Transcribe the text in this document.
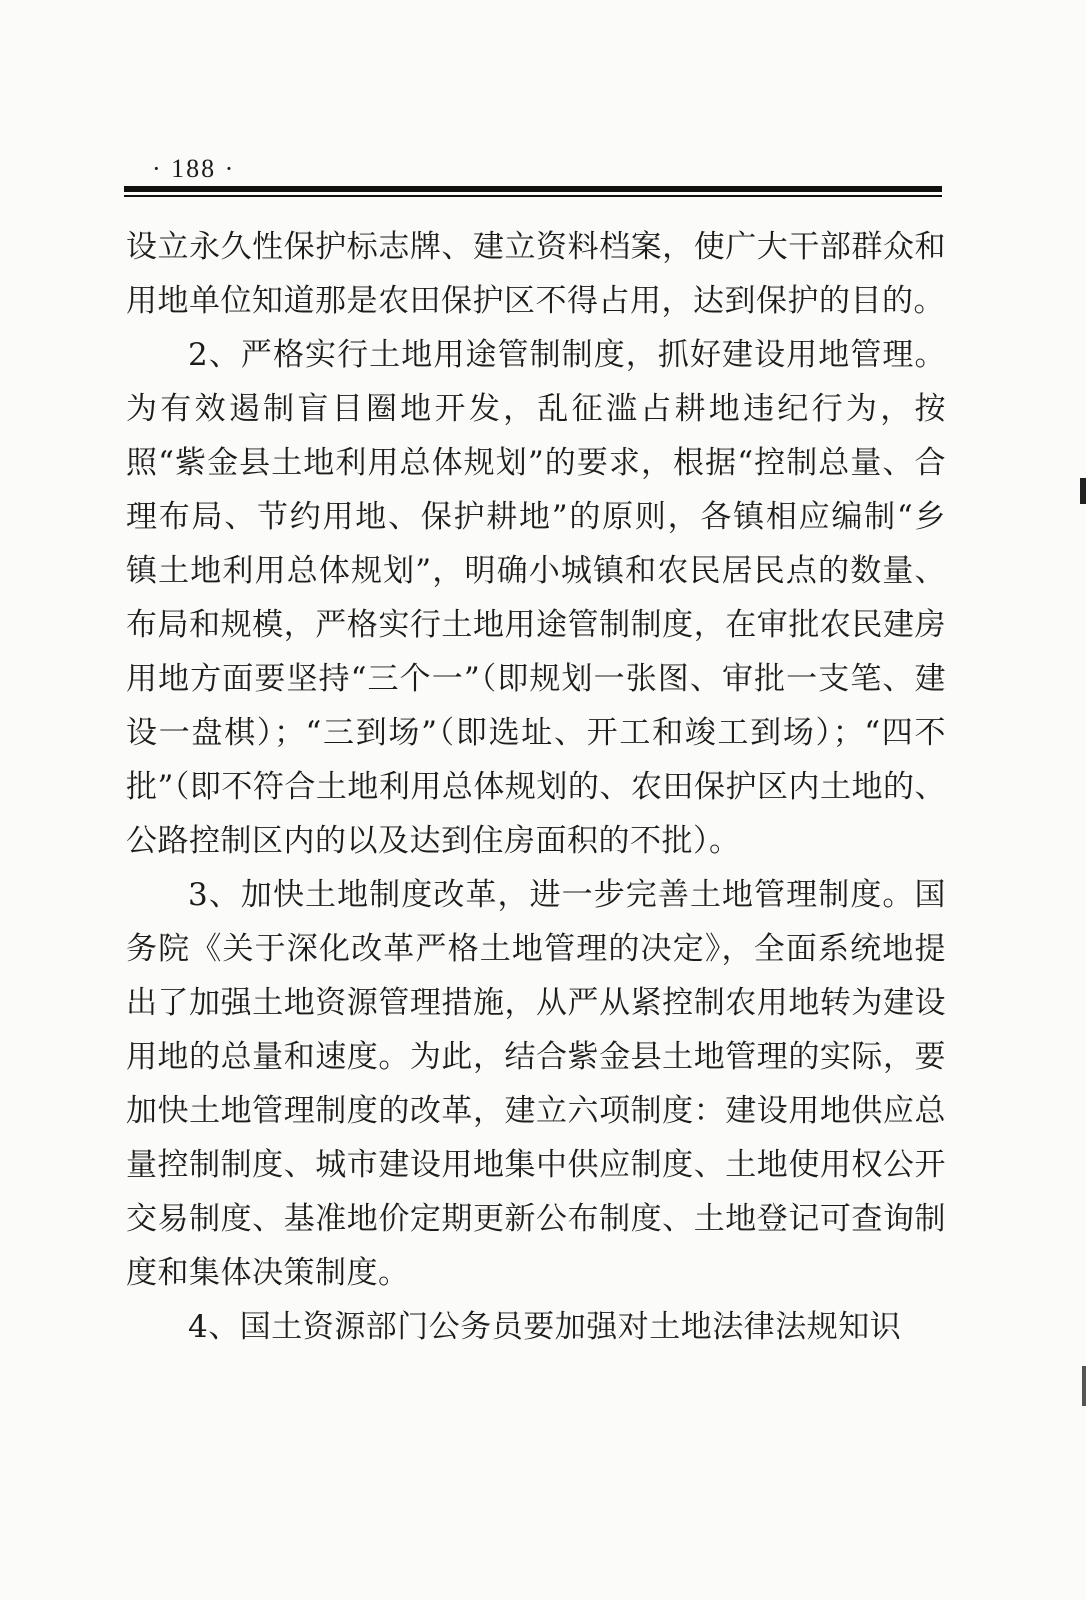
· 188 ·

设立永久性保护标志牌、建立资料档案，使广大干部群众和用地单位知道那是农田保护区不得占用，达到保护的目的。

2、严格实行土地用途管制制度，抓好建设用地管理。为有效遏制盲目圈地开发，乱征滥占耕地违纪行为，按照“紫金县土地利用总体规划”的要求，根据“控制总量、合理布局、节约用地、保护耕地”的原则，各镇相应编制“乡镇土地利用总体规划”，明确小城镇和农民居民点的数量、布局和规模，严格实行土地用途管制制度，在审批农民建房用地方面要坚持“三个一”（即规划一张图、审批一支笔、建设一盘棋）；“三到场”（即选址、开工和竣工到场）；“四不批”（即不符合土地利用总体规划的、农田保护区内土地的、公路控制区内的以及达到住房面积的不批）。

3、加快土地制度改革，进一步完善土地管理制度。国务院《关于深化改革严格土地管理的决定》，全面系统地提出了加强土地资源管理措施，从严从紧控制农用地转为建设用地的总量和速度。为此，结合紫金县土地管理的实际，要加快土地管理制度的改革，建立六项制度：建设用地供应总量控制制度、城市建设用地集中供应制度、土地使用权公开交易制度、基准地价定期更新公布制度、土地登记可查询制度和集体决策制度。

4、国土资源部门公务员要加强对土地法律法规知识
